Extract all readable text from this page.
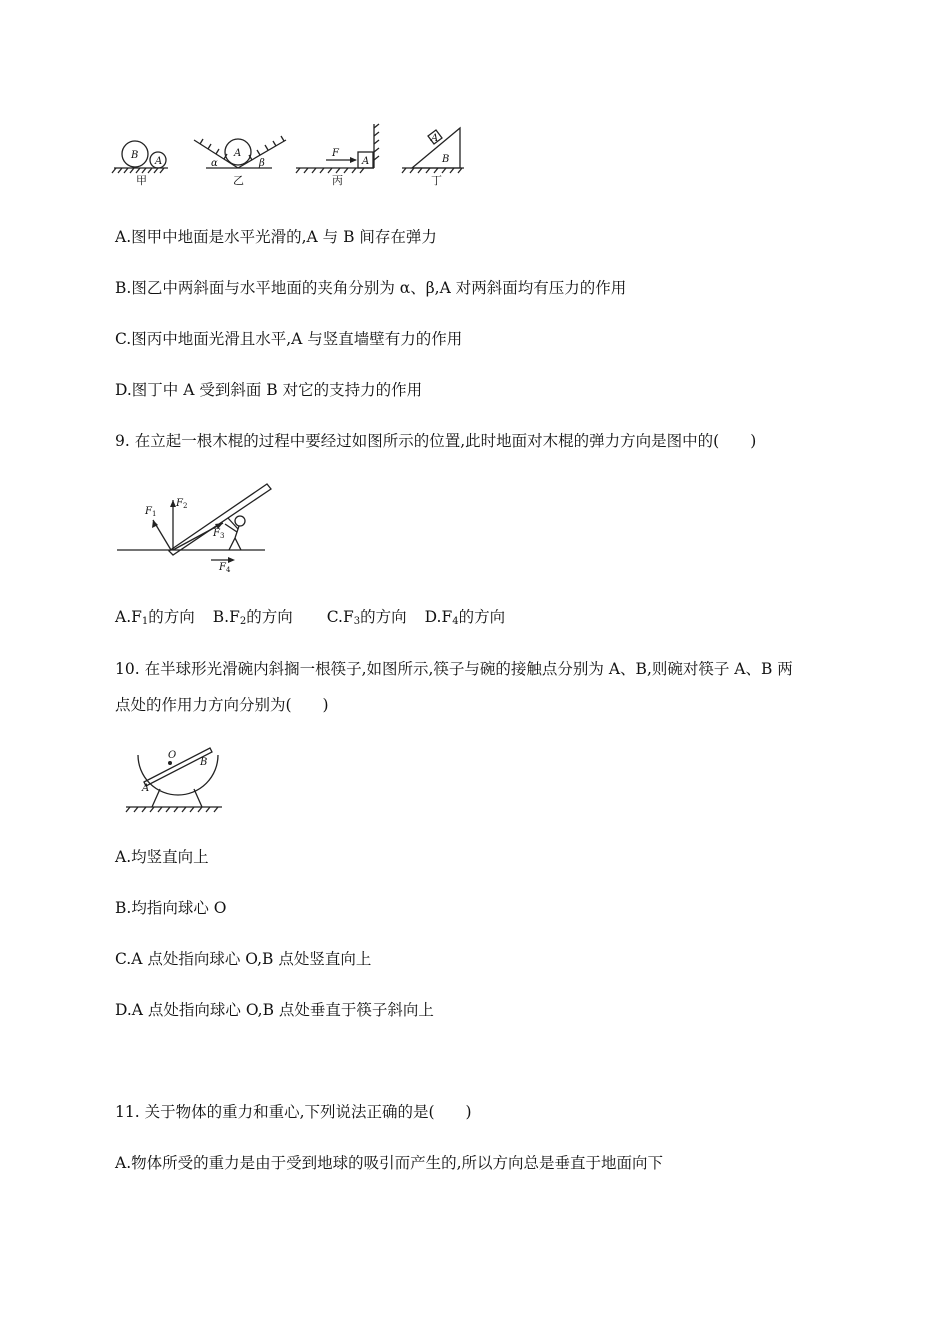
B
A
A
α	β
F
A
A
B
甲	乙	丙	丁
A.图甲中地面是水平光滑的,A 与 B 间存在弹力
B.图乙中两斜面与水平地面的夹角分别为 α、β,A 对两斜面均有压力的作用
C.图丙中地面光滑且水平,A 与竖直墙壁有力的作用
D.图丁中 A 受到斜面 B 对它的支持力的作用
9. 在立起一根木棍的过程中要经过如图所示的位置,此时地面对木棍的弹力方向是图中的(　　)
$F_1$
$F_2$
$F_3$
$F_4$
$A.F_1$的方向 $B.F_2$的方向 $C.F_3$的方向 $D.F_4$的方向
10. 在半球形光滑碗内斜搁一根筷子,如图所示,筷子与碗的接触点分别为 A、B,则碗对筷子 A、B 两
点处的作用力方向分别为(　　)
O
A
B
A.均竖直向上
B.均指向球心 O
C.A 点处指向球心 O,B 点处竖直向上
D.A 点处指向球心 O,B 点处垂直于筷子斜向上
11. 关于物体的重力和重心,下列说法正确的是(　　)
A.物体所受的重力是由于受到地球的吸引而产生的,所以方向总是垂直于地面向下
